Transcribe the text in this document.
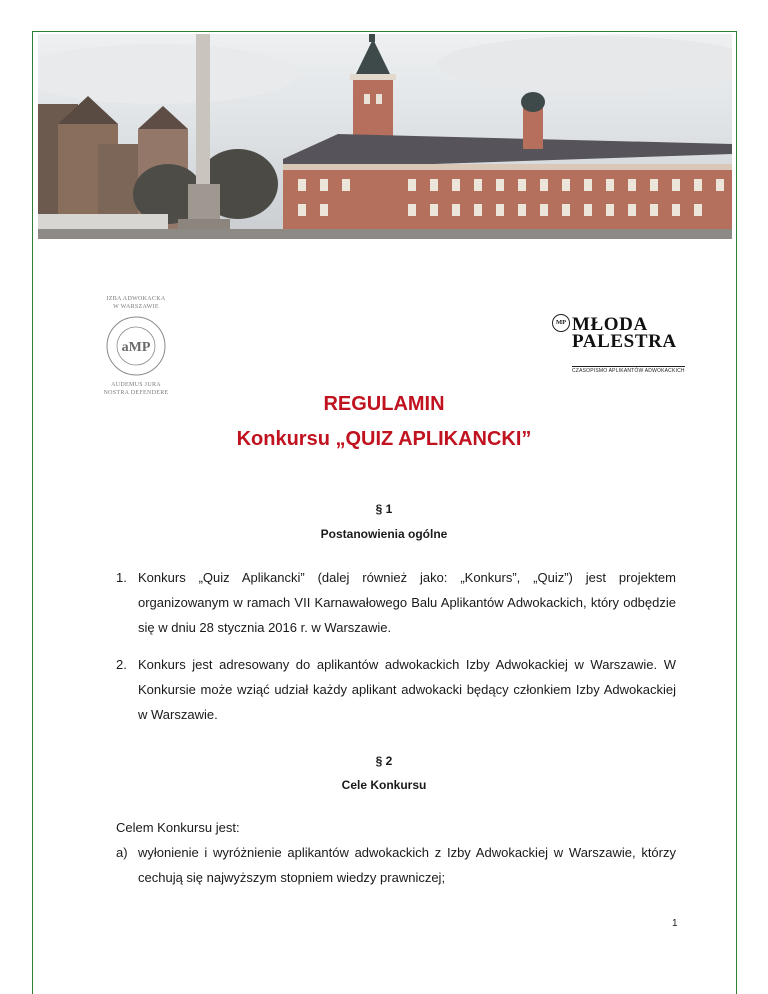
IZBA ADWOKACKA
W WARSZAWIE
aMP
AUDEMUS JURA
NOSTRA DEFENDERE
MP MŁODA
PALESTRA
CZASOPISMO APLIKANTÓW ADWOKACKICH
REGULAMIN
Konkursu „QUIZ APLIKANCKI”
§ 1
Postanowienia ogólne
1. Konkurs „Quiz Aplikancki” (dalej również jako: „Konkurs”, „Quiz”) jest projektem organizowanym w ramach VII Karnawałowego Balu Aplikantów Adwokackich, który odbędzie się w dniu 28 stycznia 2016 r. w Warszawie.
2. Konkurs jest adresowany do aplikantów adwokackich Izby Adwokackiej w Warszawie. W Konkursie może wziąć udział każdy aplikant adwokacki będący członkiem Izby Adwokackiej w Warszawie.
§ 2
Cele Konkursu
Celem Konkursu jest:
a) wyłonienie i wyróżnienie aplikantów adwokackich z Izby Adwokackiej w Warszawie, którzy cechują się najwyższym stopniem wiedzy prawniczej;
1
